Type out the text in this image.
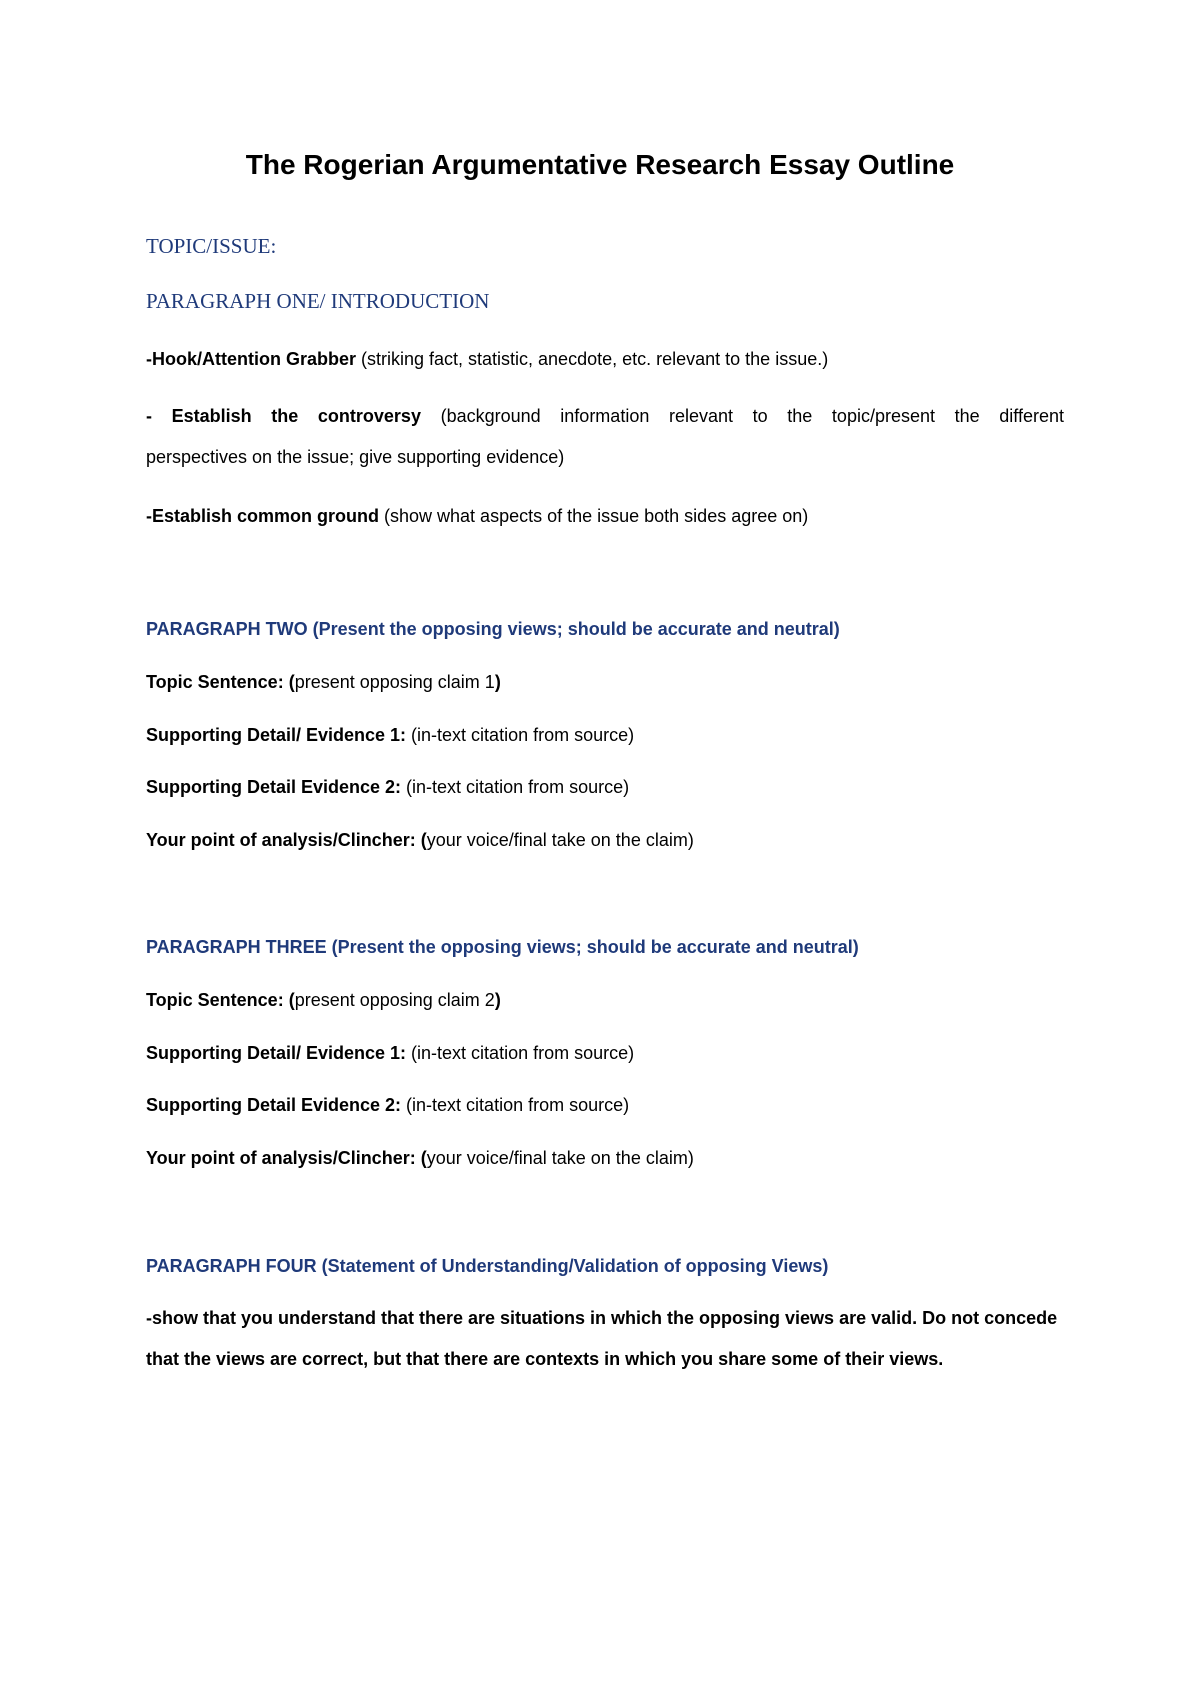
The Rogerian Argumentative Research Essay Outline
TOPIC/ISSUE:
PARAGRAPH ONE/ INTRODUCTION
-Hook/Attention Grabber (striking fact, statistic, anecdote, etc. relevant to the issue.)
- Establish the controversy (background information relevant to the topic/present the different
perspectives on the issue; give supporting evidence)
-Establish common ground (show what aspects of the issue both sides agree on)
PARAGRAPH TWO (Present the opposing views; should be accurate and neutral)
Topic Sentence: (present opposing claim 1)
Supporting Detail/ Evidence 1: (in-text citation from source)
Supporting Detail Evidence 2: (in-text citation from source)
Your point of analysis/Clincher: (your voice/final take on the claim)
PARAGRAPH THREE (Present the opposing views; should be accurate and neutral)
Topic Sentence: (present opposing claim 2)
Supporting Detail/ Evidence 1: (in-text citation from source)
Supporting Detail Evidence 2: (in-text citation from source)
Your point of analysis/Clincher: (your voice/final take on the claim)
PARAGRAPH FOUR (Statement of Understanding/Validation of opposing Views)
-show that you understand that there are situations in which the opposing views are valid. Do not concede that the views are correct, but that there are contexts in which you share some of their views.
